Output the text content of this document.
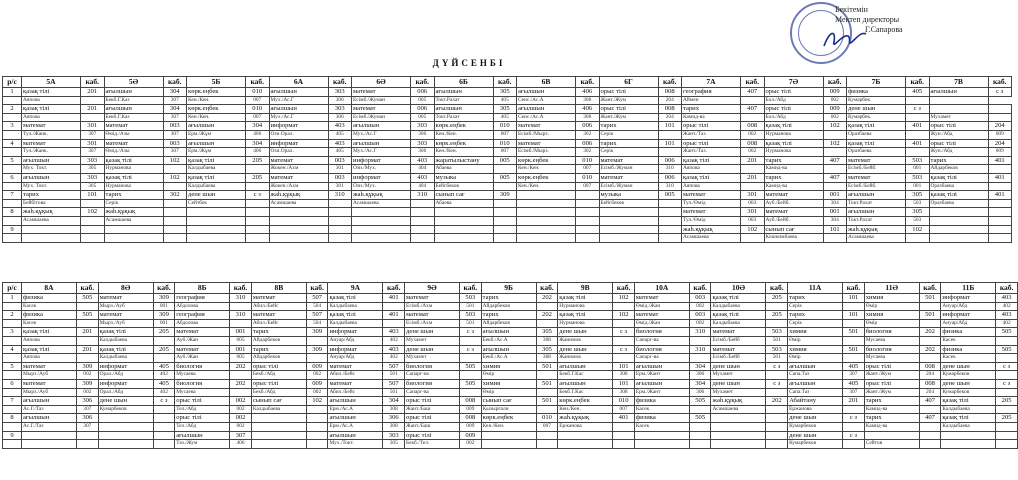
Бекітемін
Мектеп директоры
Г.Сапарова
ДҮЙСЕНБІ
р/с	5А	каб.	5Ә	каб.	5Б	каб.	6А	каб.	6Ә	каб.	6Б	каб.	6В	каб.	6Г	каб.	7А	каб.	7Ә	каб.	7Б	каб.	7В	каб.
1	қазақ тілі	201	ағылшын	304	көрк.еңбек	010	ағылшын	303	математ	006	ағылшын	305	ағылшын	406	орыс тілі	008	география	407	орыс тілі	009	физика	405	ағылшын	с з
	Аяпова		Бекб.Г.Каз	307	Кен./Кен.	007	Мух./Ас.Г	306	Есімб./Жуман	005	Токт.Рахат	405	Сеис./Ас.А	308	Жант./Жум	204	Аймен		Бол./Абд	002	Кумарбек.			
2	қазақ тілі	201	ағылшын	304	көрк.еңбек	010	ағылшын	303	математ	006	ағылшын	305	ағылшын	406	орыс тілі	008	тарих	407	орыс тілі	009	дене шын	с з		
	Аяпова		Бекб.Г.Каз	307	Кен./Кен.	007	Мух./Ас.Г	306	Есімб./Жуман	005	Токт.Рахат	405	Сеис./Ас.А	308	Жант./Жум	204	Камид-ва		Бол./Абд	002	Кумарбек.		Мухамет	
3	математ	301	математ	003	ағылшын	304	информат	403	ағылшын	303	көрк.еңбек	010	математ	006	тарих	101	орыс тілі	008	қазақ тілі	102	қазақ тілі	401	орыс тілі	204
	Тул./Жанк.	307	Өмід./Азы	307	Ерм./Жұм	406	Ози.Орал.	405	Мух./Ас.Г	306	Кен./Кен.	007	Есімб./Мырз.	302	Серік		Жант./Таз.	002	Нурманова		Оразбаева		Жун./Абд	009
4	математ	301	математ	003	ағылшын	304	информат	403	ағылшын	303	көрк.еңбек	010	математ	006	тарих	101	орыс тілі	008	қазақ тілі	102	қазақ тілі	401	орыс тілі	204
	Тул./Жанк.	307	Өмід./Азы	307	Ерм./Жұм	406	Ози.Орал.	405	Мух./Ас.Г	306	Кен./Кен.	007	Есімб./Мырз.	302	Серік		Жант./Таз.	002	Нурманова		Оразбаева		Жун./Абд	009
5	ағылшын	303	қазақ тілі	102	қазақ тілі	205	математ	003	информат	403	жаратылыстану	005	көрк.еңбек	010	математ	006	қазақ тілі	201	тарих	407	математ	503	тарих	401
	Мух. Токт.	305	Нурманова		Калдыбаева		Жокен./Ахм	301	Ози./Мух.	404	Абаева		Кен./Кен.	007	Есімб./Жуман	310	Аяпова		Камид-ва		Есімб./Бейб.	001	Айдарбеков	
6	ағылшын	303	қазақ тілі	102	қазақ тілі	205	математ	003	информат	403	музыка	005	көрк.еңбек	010	математ	006	қазақ тілі	201	тарих	407	математ	503	қазақ тілі	401
	Мух. Токт.	305	Нурманова		Калдыбаева		Жокен./Ахм	301	Ози./Мух.	404	Бейсбеков		Кен./Кен.	007	Есімб./Жуман	310	Аяпова		Камид-ва		Есімб./Бейб.	001	Оразбаева	
7	тарих	101	тарих	302	дене шын	с з	жаһ.құқық	310	жаһ.құқық	310	сынып сағ	309			музыка	005	математ	301	математ	001	ағылшын	305	қазақ тілі	401
	Бейбітова		Серік		Сейтбек		Асамшаева		Асамшаева		Абаева				Бейсбеков		Тул./Өмід	003	Ауб./Бейб.	304	Токт.Рахат	503	Оразбаева	
8	жаһ.құқық	102	жаһ.құқық														математ	301	математ	001	ағылшын	305		
	Асамшаева		Асамшаева														Тул./Өмід	003	Ауб./Бейб.	304	Токт.Рахат	503		
9																	жаһ.құқық	102	сынып сағ	101	жаһ.құқық	102		
																	Асамшаева		Кошкимбаева		Асамшаева			
р/с	8А	каб.	8Ә	каб.	8Б	каб.	8В	каб.	9А	каб.	9Ә	каб.	9Б	каб.	9В	каб.	10А	каб.	10Ә	каб.	11А	каб.	11Ә	каб.	11Б	каб.
1	физика	505	математ	309	география	310	математ	507	қазақ тілі	401	математ	503	тарих	202	қазақ тілі	102	математ	003	қазақ тілі	205	тарих	101	химия	501	информат	403
	Касек		Мырз./Ауб	001	Абдолова		Абил./Бейс	504	Калдыбаева		Есімб./Ахм	501	Айдарбеков		Нурманова		Өмід./Жан	002	Калдыбаева		Серік		Өмір		Ануар/Абд	402
2	физика	505	математ	309	география	310	математ	507	қазақ тілі	401	математ	503	тарих	202	қазақ тілі	102	математ	003	қазақ тілі	205	тарих	101	химия	501	информат	403
	Касек		Мырз./Ауб	001	Абдолова		Абил./Бейс	504	Калдыбаева		Есімб./Ахм	501	Айдарбеков		Нурманова		Өмід./Жан	002	Калдыбаева		Серік		Өмір		Ануар/Абд	402
3	қазақ тілі	201	қазақ тілі	205	математ	001	тарих	309	информат	403	дене шын	с з	ағылшын	305	дене шын	с з	биология	310	математ	503	химия	501	биология	202	физика	505
	Аяпова		Калдыбаева		Ауб./Жан	005	Айдарбеков		Ануар/Абд	402	Мухамет		Бекб./Ас.А	308	Жанимов		Сапарг-ва		Есімб./Бейб	501	Өмір		Мусаева		Касек	
4	қазақ тілі	201	қазақ тілі	205	математ	001	тарих	309	информат	403	дене шын	с з	ағылшын	305	дене шын	с з	биология	310	математ	503	химия	501	биология	202	физика	505
	Аяпова		Калдыбаева		Ауб./Жан	005	Айдарбеков		Ануар/Абд	402	Мухамет		Бекб./Ас.А	308	Жанимов		Сапарг-ва		Есімб./Бейб	501	Өмір		Мусаева		Касек	
5	математ	309	информат	405	биология	202	орыс тілі	009	математ	507	биология	505	химия	501	ағылшын	101	ағылшын	304	дене шын	с з	ағылшын	405	орыс тілі	008	дене шын	с з
	Мырз./Ауб	002	Орал./Абд	402	Мусаева		Бекб./Абд	002	Абил./Бейс	501	Сапарг-ва		Өмір		Бекб.Г.Кас	308	Ерм./Жант	306	Мухамет		Сапа.Таз	307	Жант./Жум	204	Кумарбеков	
6	математ	309	информат	405	биология	202	орыс тілі	009	математ	507	биология	505	химия	501	ағылшын	101	ағылшын	304	дене шын	с з	ағылшын	405	орыс тілі	008	дене шын	с з
	Мырз./Ауб	002	Орал./Абд	402	Мусаева		Бекб./Абд	002	Абил./Бейс	501	Сапарг-ва		Өмір		Бекб.Г.Кас	308	Ерм./Жант	306	Мухамет		Сапа.Таз	307	Жант./Жум	204	Кумарбеков	
7	ағылшын	306	дене шын	с з	орыс тілі	002	сынып сағ	102	ағылшын	304	орыс тілі	008	сынып сағ	501	көрк.еңбек	010	физика	505	жаһ.құқық	202	Абайтану	201	тарих	407	қазақ тілі	205
	Ас.Г./Таз	307	Кумарбеков		Тел./Абд	002	Калдыбаева		Ерм./Ас.А	308	Жант./Баш	009	Қызырғали		Кен./Кен.	007	Касек		Асамшаева		Ержанова		Камид-ва		Калдыбаева	
8	ағылшын	306			орыс тілі	002			ағылшын	306	орыс тілі	008	көрк.еңбек	010	жаһ.құқық	401	физика	505			дене шын	с з	тарих	407	қазақ тілі	205
	Ас.Г./Таз	307			Тел./Абд	002			Ерм./Ас.А	308	Жант./Баш	009	Кен./Кен.	007	Ержанова		Касек				Кумарбеков		Камид-ва		Калдыбаева	
9					ағылшын	307			ағылшын	303	орыс тілі	009									дене шын	с з				
					Таз./Жум	406			Мух./Токт.	305	Бекб./Тел.	002									Кумарбеков		Сейтов			
